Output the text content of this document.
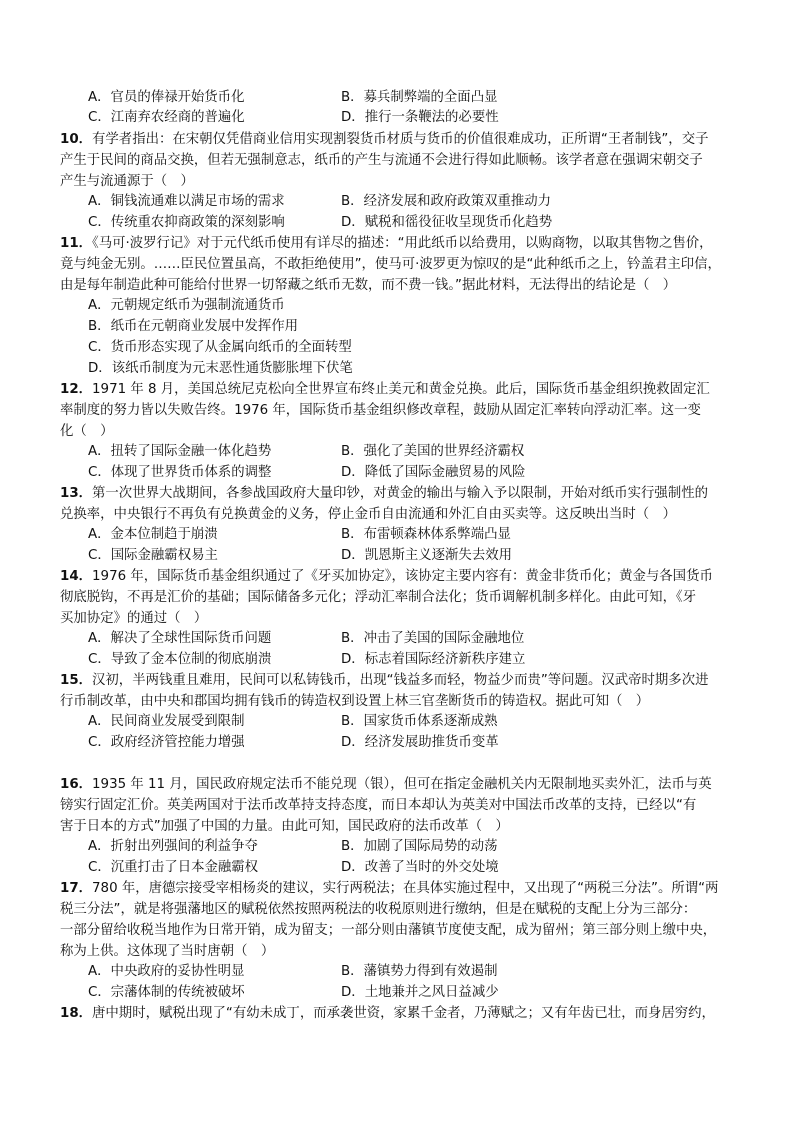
A．官员的俸禄开始货币化	B．募兵制弊端的全面凸显
C．江南弃农经商的普遍化	D．推行一条鞭法的必要性
10．有学者指出：在宋朝仅凭借商业信用实现割裂货币材质与货币的价值很难成功，正所谓“王者制钱”，交子
产生于民间的商品交换，但若无强制意志，纸币的产生与流通不会进行得如此顺畅。该学者意在强调宋朝交子
产生与流通源于（　）
A．铜钱流通难以满足市场的需求	B．经济发展和政府政策双重推动力
C．传统重农抑商政策的深刻影响	D．赋税和徭役征收呈现货币化趋势
11．《马可·波罗行记》对于元代纸币使用有详尽的描述：“用此纸币以给费用，以购商物，以取其售物之售价，
竟与纯金无别。……臣民位置虽高，不敢拒绝使用”，使马可·波罗更为惊叹的是“此种纸币之上，钤盖君主印信，
由是每年制造此种可能给付世界一切帑藏之纸币无数，而不费一钱。”据此材料，无法得出的结论是（　）
A．元朝规定纸币为强制流通货币
B．纸币在元朝商业发展中发挥作用
C．货币形态实现了从金属向纸币的全面转型
D．该纸币制度为元末恶性通货膨胀埋下伏笔
12．1971 年 8 月，美国总统尼克松向全世界宣布终止美元和黄金兑换。此后，国际货币基金组织挽救固定汇
率制度的努力皆以失败告终。1976 年，国际货币基金组织修改章程，鼓励从固定汇率转向浮动汇率。这一变
化（　）
A．扭转了国际金融一体化趋势	B．强化了美国的世界经济霸权
C．体现了世界货币体系的调整	D．降低了国际金融贸易的风险
13．第一次世界大战期间，各参战国政府大量印钞，对黄金的输出与输入予以限制，开始对纸币实行强制性的
兑换率，中央银行不再负有兑换黄金的义务，停止金币自由流通和外汇自由买卖等。这反映出当时（　）
A．金本位制趋于崩溃	B．布雷顿森林体系弊端凸显
C．国际金融霸权易主	D．凯恩斯主义逐渐失去效用
14．1976 年，国际货币基金组织通过了《牙买加协定》，该协定主要内容有：黄金非货币化；黄金与各国货币
彻底脱钩，不再是汇价的基础；国际储备多元化；浮动汇率制合法化；货币调解机制多样化。由此可知，《牙
买加协定》的通过（　）
A．解决了全球性国际货币问题	B．冲击了美国的国际金融地位
C．导致了金本位制的彻底崩溃	D．标志着国际经济新秩序建立
15．汉初，半两钱重且难用，民间可以私铸钱币，出现“钱益多而轻，物益少而贵”等问题。汉武帝时期多次进
行币制改革，由中央和郡国均拥有钱币的铸造权到设置上林三官垄断货币的铸造权。据此可知（　）
A．民间商业发展受到限制	B．国家货币体系逐渐成熟
C．政府经济管控能力增强	D．经济发展助推货币变革
16．1935 年 11 月，国民政府规定法币不能兑现（银），但可在指定金融机关内无限制地买卖外汇，法币与英
镑实行固定汇价。英美两国对于法币改革持支持态度，而日本却认为英美对中国法币改革的支持，已经以“有
害于日本的方式”加强了中国的力量。由此可知，国民政府的法币改革（　）
A．折射出列强间的利益争夺	B．加剧了国际局势的动荡
C．沉重打击了日本金融霸权	D．改善了当时的外交处境
17．780 年，唐德宗接受宰相杨炎的建议，实行两税法；在具体实施过程中，又出现了“两税三分法”。所谓“两
税三分法”，就是将强藩地区的赋税依然按照两税法的收税原则进行缴纳，但是在赋税的支配上分为三部分：
一部分留给收税当地作为日常开销，成为留支；一部分则由藩镇节度使支配，成为留州；第三部分则上缴中央，
称为上供。这体现了当时唐朝（　）
A．中央政府的妥协性明显	B．藩镇势力得到有效遏制
C．宗藩体制的传统被破坏	D．土地兼并之风日益减少
18．唐中期时，赋税出现了“有幼未成丁，而承袭世资，家累千金者，乃薄赋之；又有年齿已壮，而身居穷约，
